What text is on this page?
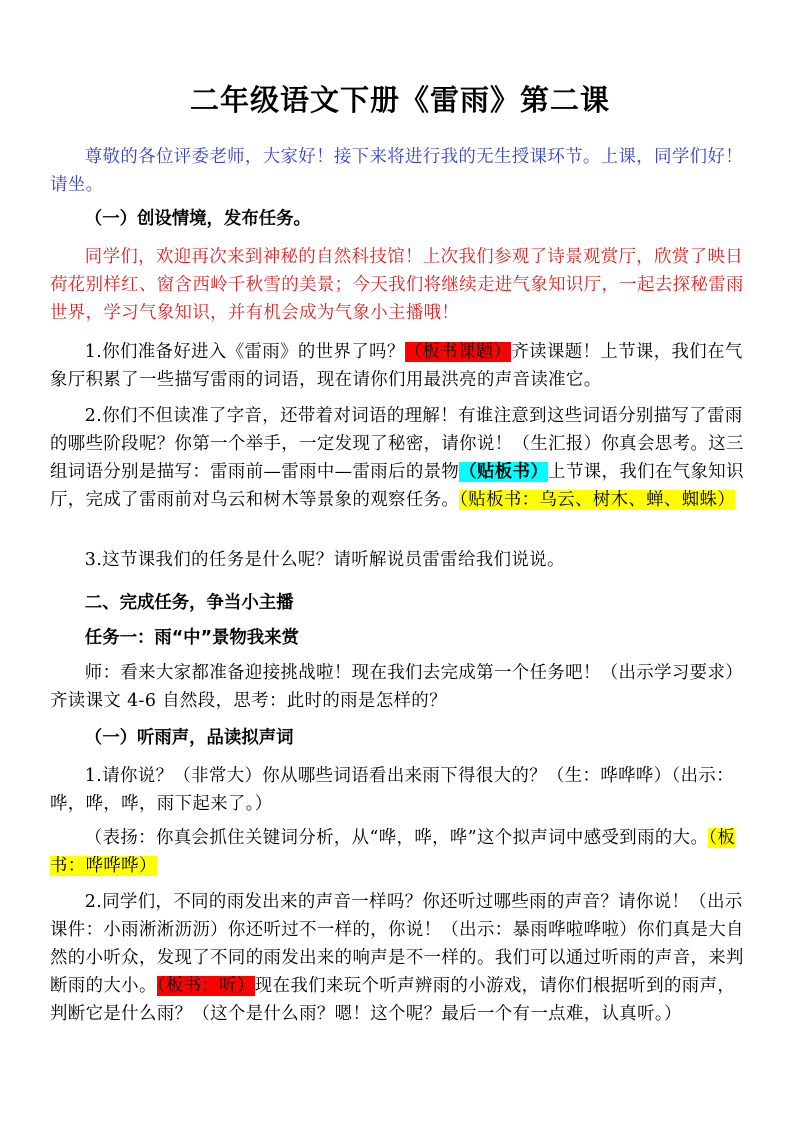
二年级语文下册《雷雨》第二课

尊敬的各位评委老师，大家好！接下来将进行我的无生授课环节。上课，同学们好！请坐。

（一）创设情境，发布任务。

同学们，欢迎再次来到神秘的自然科技馆！上次我们参观了诗景观赏厅，欣赏了映日荷花别样红、窗含西岭千秋雪的美景；今天我们将继续走进气象知识厅，一起去探秘雷雨世界，学习气象知识，并有机会成为气象小主播哦！

1.你们准备好进入《雷雨》的世界了吗？（板书课题）齐读课题！上节课，我们在气象厅积累了一些描写雷雨的词语，现在请你们用最洪亮的声音读准它。

2.你们不但读准了字音，还带着对词语的理解！有谁注意到这些词语分别描写了雷雨的哪些阶段呢？你第一个举手，一定发现了秘密，请你说！（生汇报）你真会思考。这三组词语分别是描写：雷雨前—雷雨中—雷雨后的景物（贴板书）上节课，我们在气象知识厅，完成了雷雨前对乌云和树木等景象的观察任务。（贴板书：乌云、树木、蝉、蜘蛛）

3.这节课我们的任务是什么呢？请听解说员雷雷给我们说说。

二、完成任务，争当小主播

任务一：雨“中”景物我来赏

师：看来大家都准备迎接挑战啦！现在我们去完成第一个任务吧！（出示学习要求）齐读课文 4-6 自然段，思考：此时的雨是怎样的？

（一）听雨声，品读拟声词

1.请你说？（非常大）你从哪些词语看出来雨下得很大的？（生：哗哗哗）（出示：哗，哗，哗，雨下起来了。）

（表扬：你真会抓住关键词分析，从“哗，哗，哗”这个拟声词中感受到雨的大。（板书：哗哗哗）

2.同学们，不同的雨发出来的声音一样吗？你还听过哪些雨的声音？请你说！（出示课件：小雨淅淅沥沥）你还听过不一样的，你说！（出示：暴雨哗啦哗啦）你们真是大自然的小听众，发现了不同的雨发出来的响声是不一样的。我们可以通过听雨的声音，来判断雨的大小。（板书：听）现在我们来玩个听声辨雨的小游戏，请你们根据听到的雨声，判断它是什么雨？（这个是什么雨？嗯！这个呢？最后一个有一点难，认真听。）
